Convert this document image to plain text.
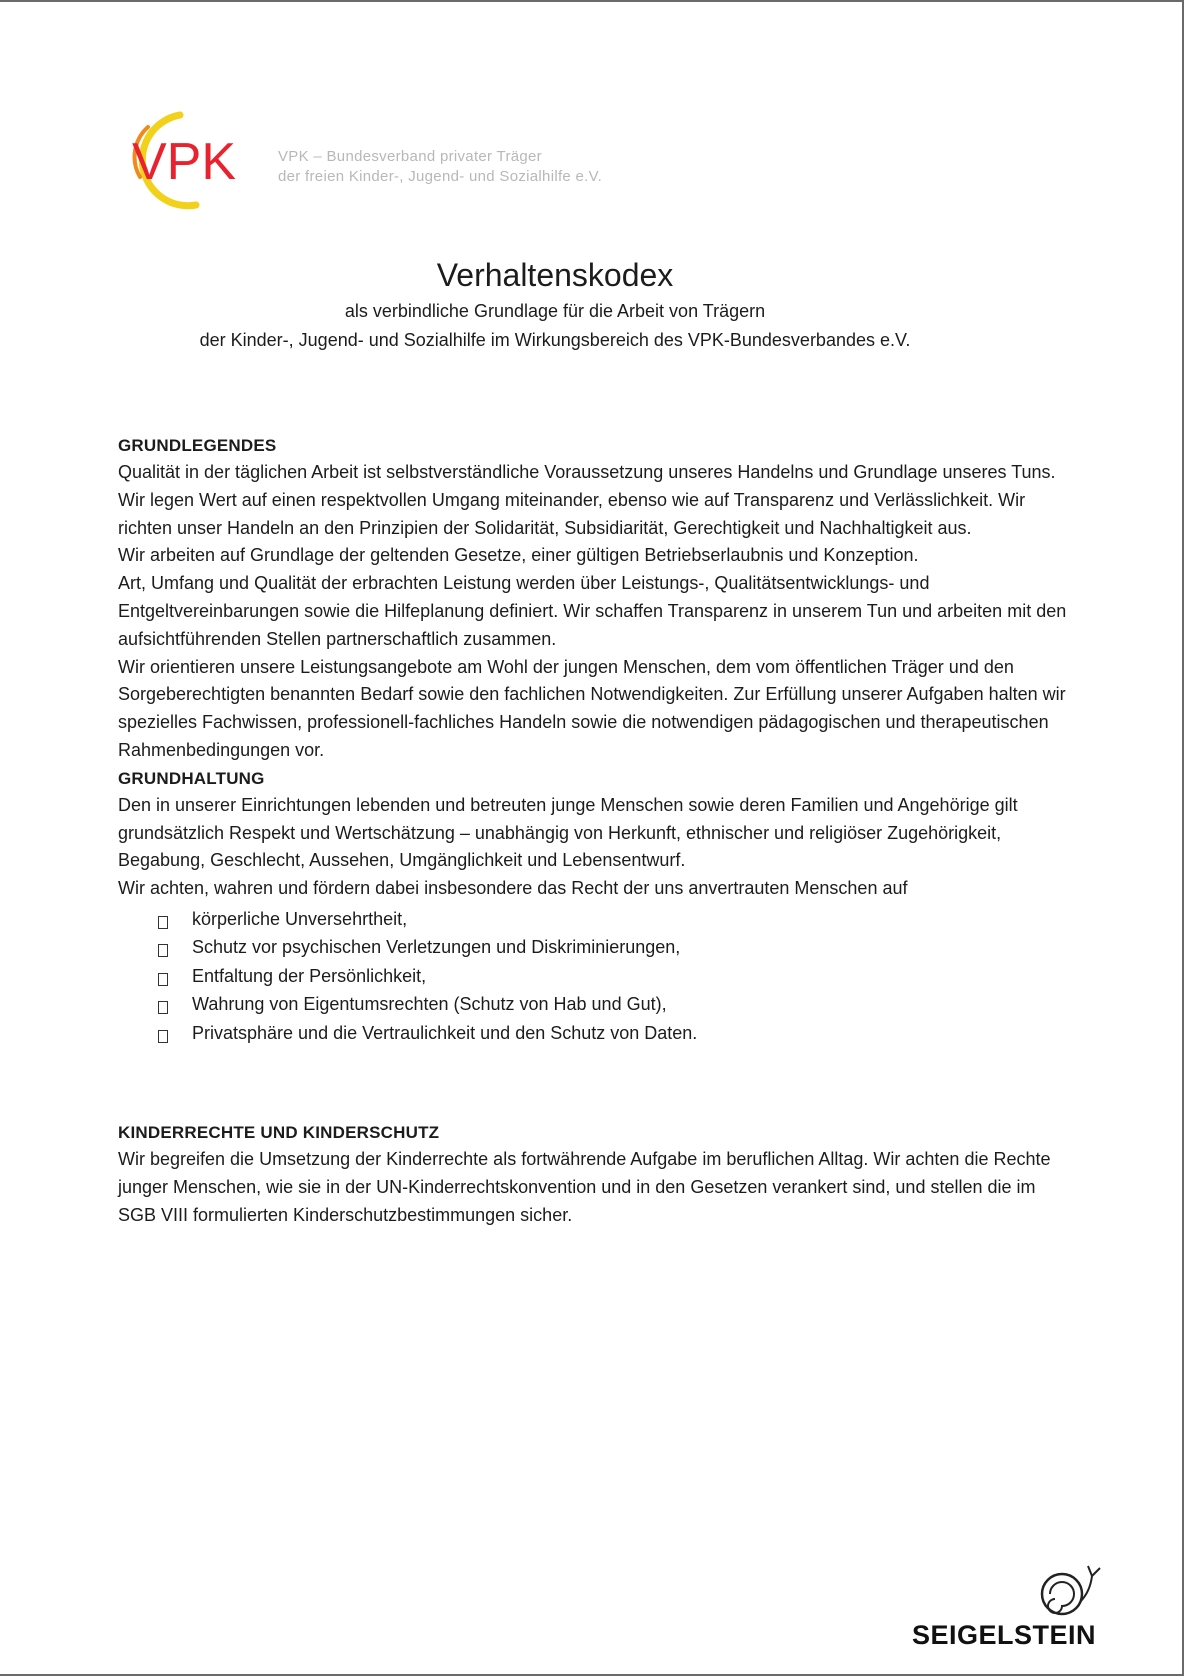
VPK	VPK – Bundesverband privater Träger
der freien Kinder-, Jugend- und Sozialhilfe e.V.
Verhaltenskodex
als verbindliche Grundlage für die Arbeit von Trägern
der Kinder-, Jugend- und Sozialhilfe im Wirkungsbereich des VPK-Bundesverbandes e.V.
GRUNDLEGENDES

Qualität in der täglichen Arbeit ist selbstverständliche Voraussetzung unseres Handelns und Grundlage unseres Tuns. Wir legen Wert auf einen respektvollen Umgang miteinander, ebenso wie auf Transparenz und Verlässlichkeit. Wir richten unser Handeln an den Prinzipien der Solidarität, Subsidiarität, Gerechtigkeit und Nachhaltigkeit aus.

Wir arbeiten auf Grundlage der geltenden Gesetze, einer gültigen Betriebserlaubnis und Konzeption.

Art, Umfang und Qualität der erbrachten Leistung werden über Leistungs-, Qualitätsentwicklungs- und Entgeltvereinbarungen sowie die Hilfeplanung definiert. Wir schaffen Transparenz in unserem Tun und arbeiten mit den aufsichtführenden Stellen partnerschaftlich zusammen.

Wir orientieren unsere Leistungsangebote am Wohl der jungen Menschen, dem vom öffentlichen Träger und den Sorgeberechtigten benannten Bedarf sowie den fachlichen Notwendigkeiten. Zur Erfüllung unserer Aufgaben halten wir spezielles Fachwissen, professionell-fachliches Handeln sowie die notwendigen pädagogischen und therapeutischen Rahmenbedingungen vor.

GRUNDHALTUNG

Den in unserer Einrichtungen lebenden und betreuten junge Menschen sowie deren Familien und Angehörige gilt grundsätzlich Respekt und Wertschätzung – unabhängig von Herkunft, ethnischer und religiöser Zugehörigkeit, Begabung, Geschlecht, Aussehen, Umgänglichkeit und Lebensentwurf.

Wir achten, wahren und fördern dabei insbesondere das Recht der uns anvertrauten Menschen auf

körperliche Unversehrtheit,
Schutz vor psychischen Verletzungen und Diskriminierungen,
Entfaltung der Persönlichkeit,
Wahrung von Eigentumsrechten (Schutz von Hab und Gut),
Privatsphäre und die Vertraulichkeit und den Schutz von Daten.
KINDERRECHTE UND KINDERSCHUTZ

Wir begreifen die Umsetzung der Kinderrechte als fortwährende Aufgabe im beruflichen Alltag. Wir achten die Rechte junger Menschen, wie sie in der UN-Kinderrechtskonvention und in den Gesetzen verankert sind, und stellen die im SGB VIII formulierten Kinderschutzbestimmungen sicher.

SEIGELSTEIN
